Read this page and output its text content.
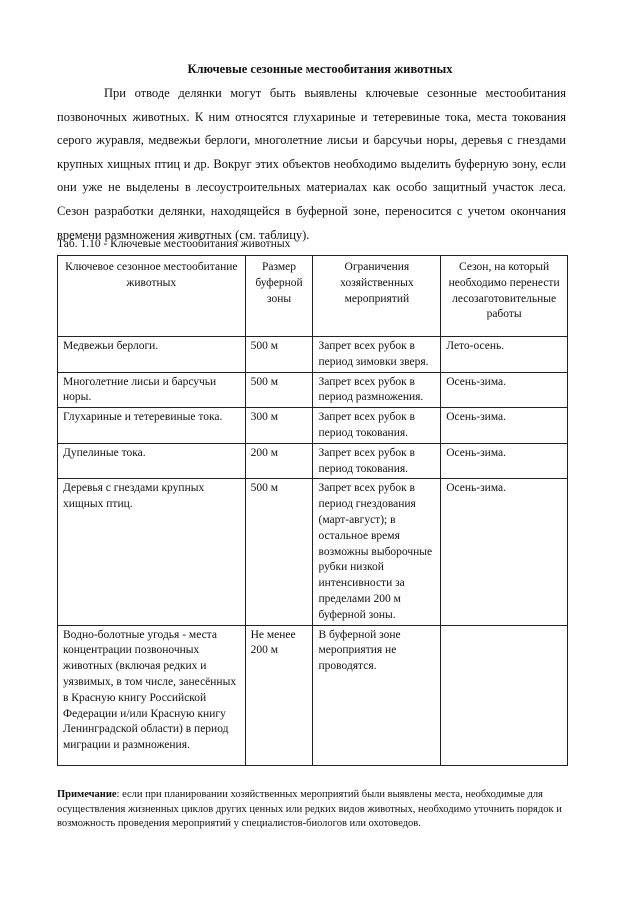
Ключевые сезонные местообитания животных

При отводе делянки могут быть выявлены ключевые сезонные местообитания позвоночных животных. К ним относятся глухариные и тетеревиные тока, места токования серого журавля, медвежьи берлоги, многолетние лисьи и барсучьи норы, деревья с гнездами крупных хищных птиц и др. Вокруг этих объектов необходимо выделить буферную зону, если они уже не выделены в лесоустроительных материалах как особо защитный участок леса. Сезон разработки делянки, находящейся в буферной зоне, переносится с учетом окончания времени размножения животных (см. таблицу).

Таб. 1.10 - Ключевые местообитания животных
Ключевое сезонное местообитание животных	Размер буферной зоны	Ограничения хозяйственных мероприятий	Сезон, на который необходимо перенести лесозаготовительные работы
Медвежьи берлоги.	500 м	Запрет всех рубок в период зимовки зверя.	Лето-осень.
Многолетние лисьи и барсучьи норы.	500 м	Запрет всех рубок в период размножения.	Осень-зима.
Глухариные и тетеревиные тока.	300 м	Запрет всех рубок в период токования.	Осень-зима.
Дупелиные тока.	200 м	Запрет всех рубок в период токования.	Осень-зима.
Деревья с гнездами крупных хищных птиц.	500 м	Запрет всех рубок в период гнездования (март-август); в остальное время возможны выборочные рубки низкой интенсивности за пределами 200 м буферной зоны.	Осень-зима.
Водно-болотные угодья - места концентрации позвоночных животных (включая редких и уязвимых, в том числе, занесённых в Красную книгу Российской Федерации и/или Красную книгу Ленинградской области) в период миграции и размножения.	Не менее 200 м	В буферной зоне мероприятия не проводятся.	

Примечание: если при планировании хозяйственных мероприятий были выявлены места, необходимые для осуществления жизненных циклов других ценных или редких видов животных, необходимо уточнить порядок и возможность проведения мероприятий у специалистов-биологов или охотоведов.
